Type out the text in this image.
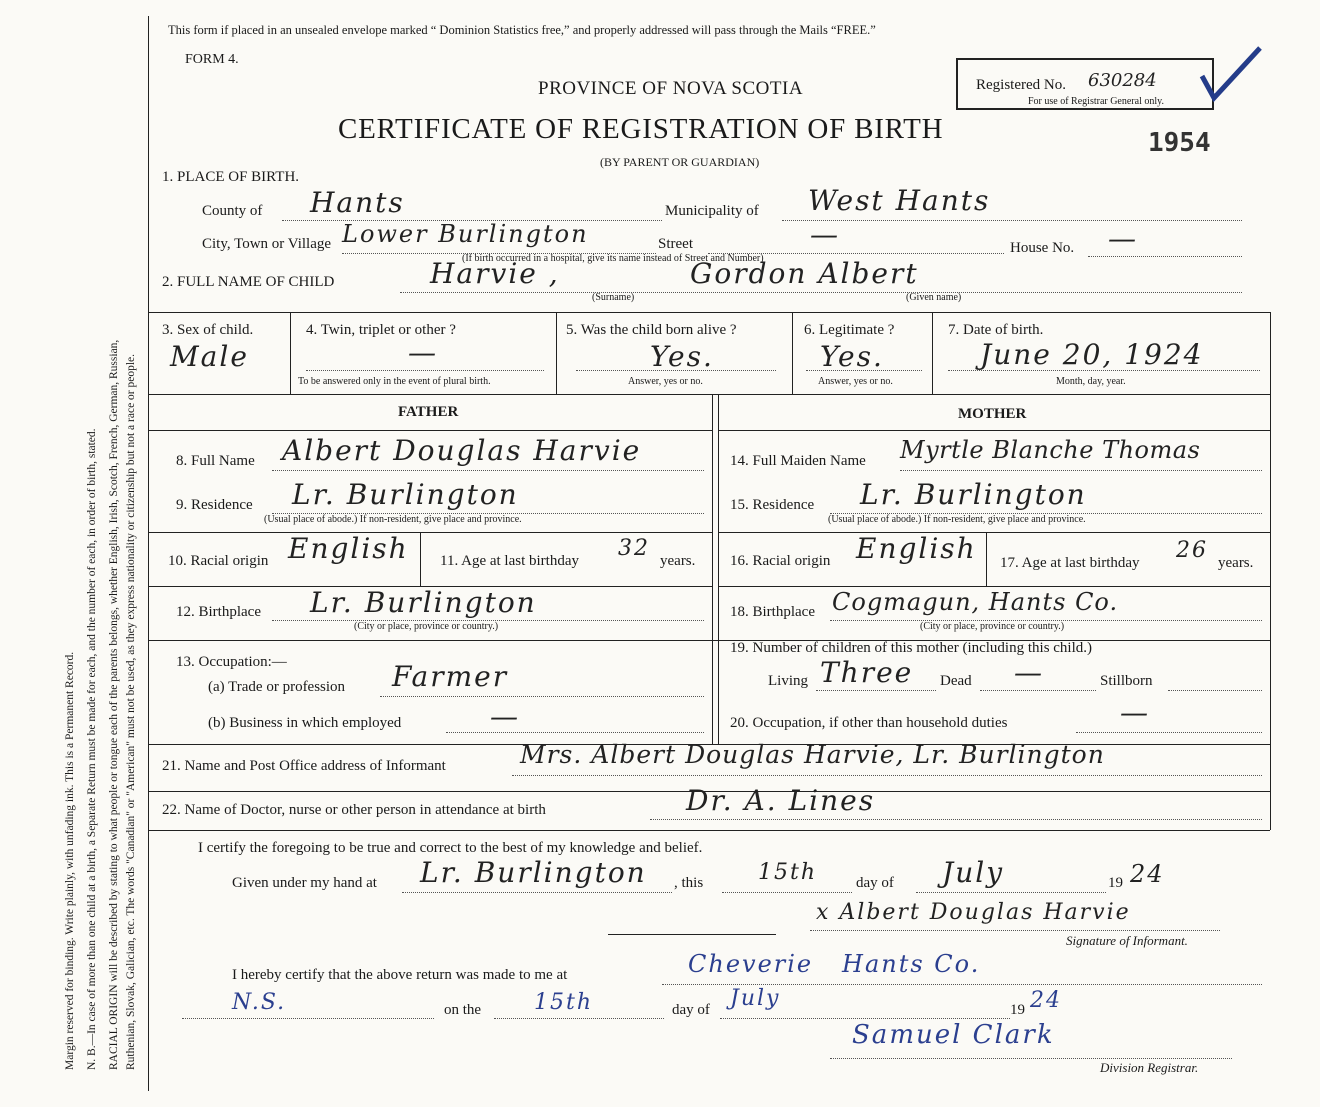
Margin reserved for binding. Write plainly, with unfading ink. This is a Permanent Record. N. B.—In case of more than one child at a birth, a Separate Return must be made for each, and the number of each, in order of birth, stated. RACIAL ORIGIN will be described by stating to what people or tongue each of the parents belongs, whether English, Irish, Scotch, French, German, Russian, Ruthenian, Slovak, Galician, etc. The words "Canadian" or "American" must not be used, as they express nationality or citizenship but not a race or people.
This form if placed in an unsealed envelope marked “ Dominion Statistics free,” and properly addressed will pass through the Mails “FREE.”
FORM 4.
PROVINCE OF NOVA SCOTIA
CERTIFICATE OF REGISTRATION OF BIRTH
(BY PARENT OR GUARDIAN)
Registered No. 630284
For use of Registrar General only.
1954
1. PLACE OF BIRTH.
County of Hants	Municipality of West Hants
City, Town or Village Lower Burlington	Street	—	House No. —
(If birth occurred in a hospital, give its name instead of Street and Number)
2. FULL NAME OF CHILD	Harvie ,	Gordon Albert
(Surname)	(Given name)
3. Sex of child.
Male
4. Twin, triplet or other ?
—
To be answered only in the event of plural birth.
5. Was the child born alive ?
Yes.
Answer, yes or no.
6. Legitimate ?
Yes.
Answer, yes or no.
7. Date of birth.
June 20, 1924
Month, day, year.
FATHER	MOTHER
8. Full Name Albert Douglas Harvie
9. Residence Lr. Burlington
(Usual place of abode.) If non-resident, give place and province.
10. Racial origin English 11. Age at last birthday 32 years.
12. Birthplace Lr. Burlington
(City or place, province or country.)
14. Full Maiden Name Myrtle Blanche Thomas
15. Residence Lr. Burlington
(Usual place of abode.) If non-resident, give place and province.
16. Racial origin English 17. Age at last birthday 26 years.
18. Birthplace Cogmagun, Hants Co.
(City or place, province or country.)
13. Occupation:—
(a) Trade or profession Farmer
(b) Business in which employed	—
19. Number of children of this mother (including this child.)
Living Three Dead —	Stillborn
20. Occupation, if other than household duties	—
21. Name and Post Office address of Informant	Mrs. Albert Douglas Harvie, Lr. Burlington
22. Name of Doctor, nurse or other person in attendance at birth	Dr. A. Lines
I certify the foregoing to be true and correct to the best of my knowledge and belief.
Given under my hand at Lr. Burlington , this 15th	day of July	19 24
x Albert Douglas Harvie
Signature of Informant.
I hereby certify that the above return was made to me at	Cheverie   Hants Co.
N.S.	on the 15th	day of July	19 24
Samuel Clark
Division Registrar.
